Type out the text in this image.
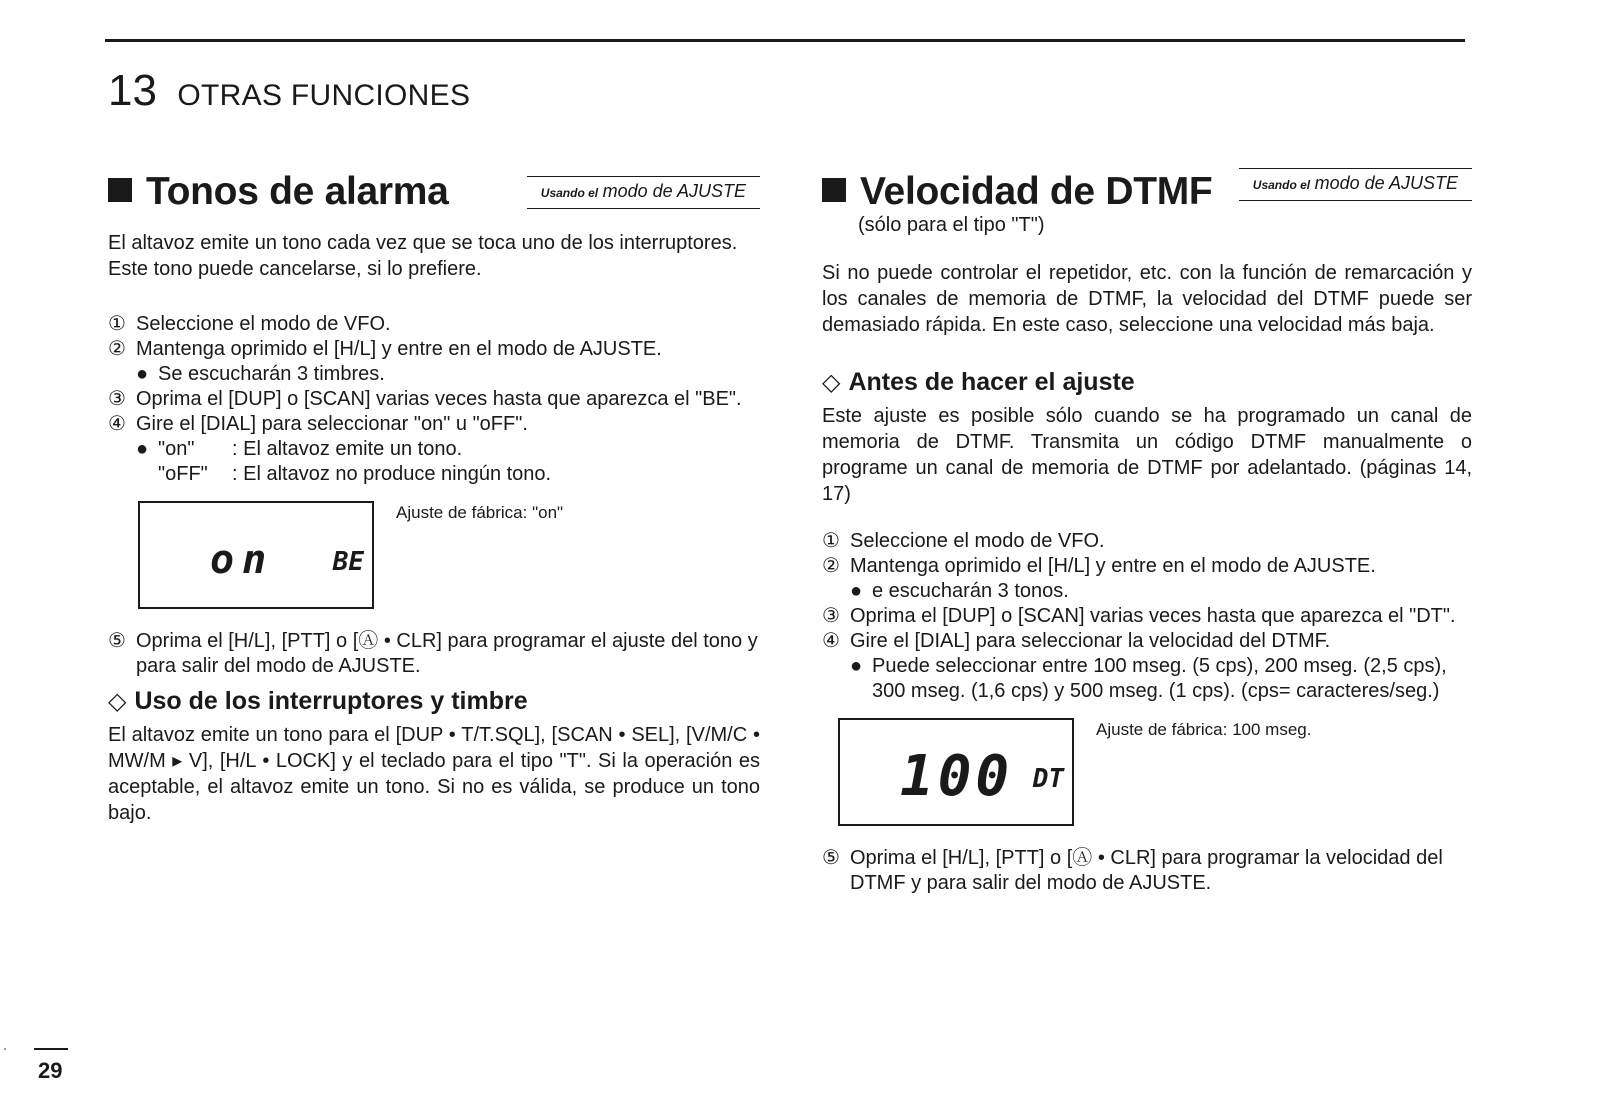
13 OTRAS FUNCIONES
Tonos de alarma	Usando el modo de AJUSTE

El altavoz emite un tono cada vez que se toca uno de los interruptores. Este tono puede cancelarse, si lo prefiere.

① Seleccione el modo de VFO.
② Mantenga oprimido el [H/L] y entre en el modo de AJUSTE.
● Se escucharán 3 timbres.
③ Oprima el [DUP] o [SCAN] varias veces hasta que aparezca el "BE".
④ Gire el [DIAL] para seleccionar "on" u "oFF".
● "on"	: El altavoz emite un tono.
"oFF"	: El altavoz no produce ningún tono.
on BE
Ajuste de fábrica: "on"
⑤ Oprima el [H/L], [PTT] o [Ⓐ • CLR] para programar el ajuste del tono y para salir del modo de AJUSTE.
◇ Uso de los interruptores y timbre

El altavoz emite un tono para el [DUP • T/T.SQL], [SCAN • SEL], [V/M/C • MW/M ▸ V], [H/L • LOCK] y el teclado para el tipo "T". Si la operación es aceptable, el altavoz emite un tono. Si no es válida, se produce un tono bajo.

Velocidad de DTMF	Usando el modo de AJUSTE

(sólo para el tipo "T")

Si no puede controlar el repetidor, etc. con la función de remarcación y los canales de memoria de DTMF, la velocidad del DTMF puede ser demasiado rápida. En este caso, seleccione una velocidad más baja.

◇ Antes de hacer el ajuste

Este ajuste es posible sólo cuando se ha programado un canal de memoria de DTMF. Transmita un código DTMF manualmente o programe un canal de memoria de DTMF por adelantado. (páginas 14, 17)

① Seleccione el modo de VFO.
② Mantenga oprimido el [H/L] y entre en el modo de AJUSTE.
● e escucharán 3 tonos.
③ Oprima el [DUP] o [SCAN] varias veces hasta que aparezca el "DT".
④ Gire el [DIAL] para seleccionar la velocidad del DTMF.
● Puede seleccionar entre 100 mseg. (5 cps), 200 mseg. (2,5 cps), 300 mseg. (1,6 cps) y 500 mseg. (1 cps). (cps= caracteres/seg.)
100 DT
Ajuste de fábrica: 100 mseg.
⑤ Oprima el [H/L], [PTT] o [Ⓐ • CLR] para programar la velocidad del DTMF y para salir del modo de AJUSTE.
29
